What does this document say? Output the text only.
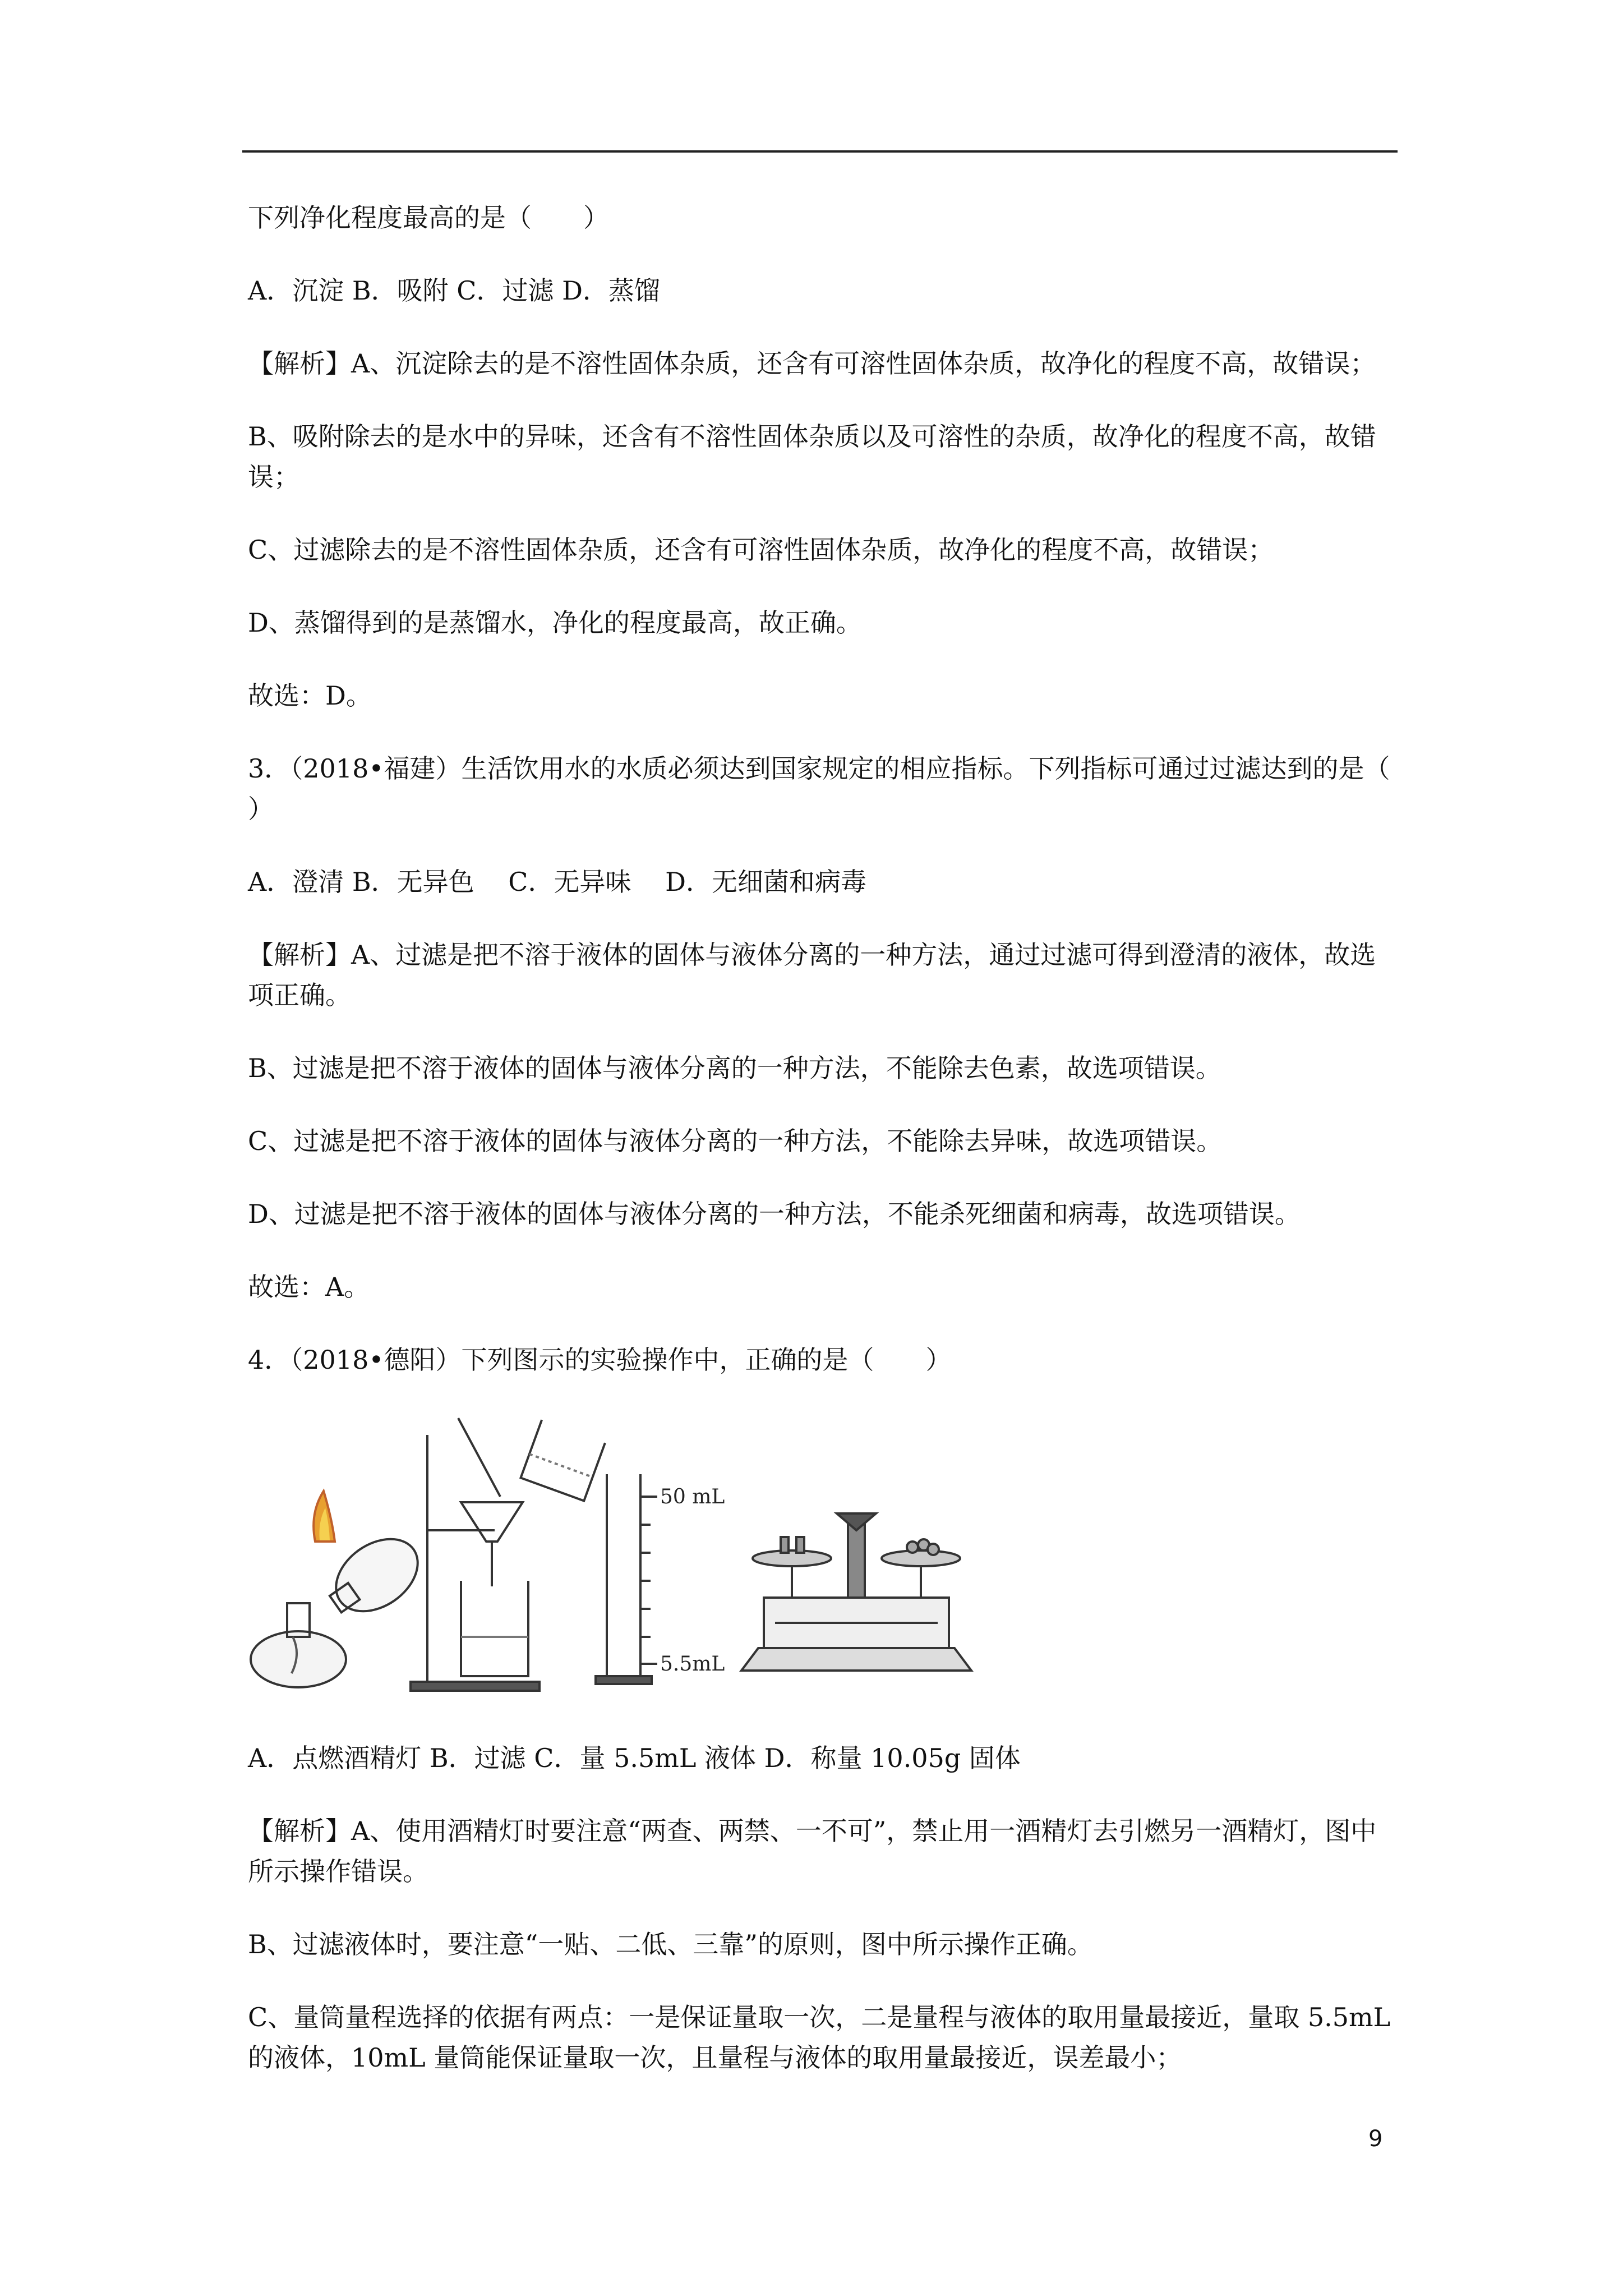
下列净化程度最高的是（　　）

A．沉淀 B．吸附 C．过滤 D．蒸馏

【解析】A、沉淀除去的是不溶性固体杂质，还含有可溶性固体杂质，故净化的程度不高，故错误；

B、吸附除去的是水中的异味，还含有不溶性固体杂质以及可溶性的杂质，故净化的程度不高，故错误；

C、过滤除去的是不溶性固体杂质，还含有可溶性固体杂质，故净化的程度不高，故错误；

D、蒸馏得到的是蒸馏水，净化的程度最高，故正确。

故选：D。

3．（2018•福建）生活饮用水的水质必须达到国家规定的相应指标。下列指标可通过过滤达到的是（　　）

A．澄清 B．无异色　 C．无异味　 D．无细菌和病毒

【解析】A、过滤是把不溶于液体的固体与液体分离的一种方法，通过过滤可得到澄清的液体，故选项正确。

B、过滤是把不溶于液体的固体与液体分离的一种方法，不能除去色素，故选项错误。

C、过滤是把不溶于液体的固体与液体分离的一种方法，不能除去异味，故选项错误。

D、过滤是把不溶于液体的固体与液体分离的一种方法，不能杀死细菌和病毒，故选项错误。

故选：A。

4．（2018•德阳）下列图示的实验操作中，正确的是（　　）

50 mL
5.5mL

A．点燃酒精灯 B．过滤 C．量 5.5mL 液体 D．称量 10.05g 固体

【解析】A、使用酒精灯时要注意“两查、两禁、一不可”，禁止用一酒精灯去引燃另一酒精灯，图中所示操作错误。

B、过滤液体时，要注意“一贴、二低、三靠”的原则，图中所示操作正确。

C、量筒量程选择的依据有两点：一是保证量取一次，二是量程与液体的取用量最接近，量取 5.5mL 的液体，10mL 量筒能保证量取一次，且量程与液体的取用量最接近，误差最小；

9
